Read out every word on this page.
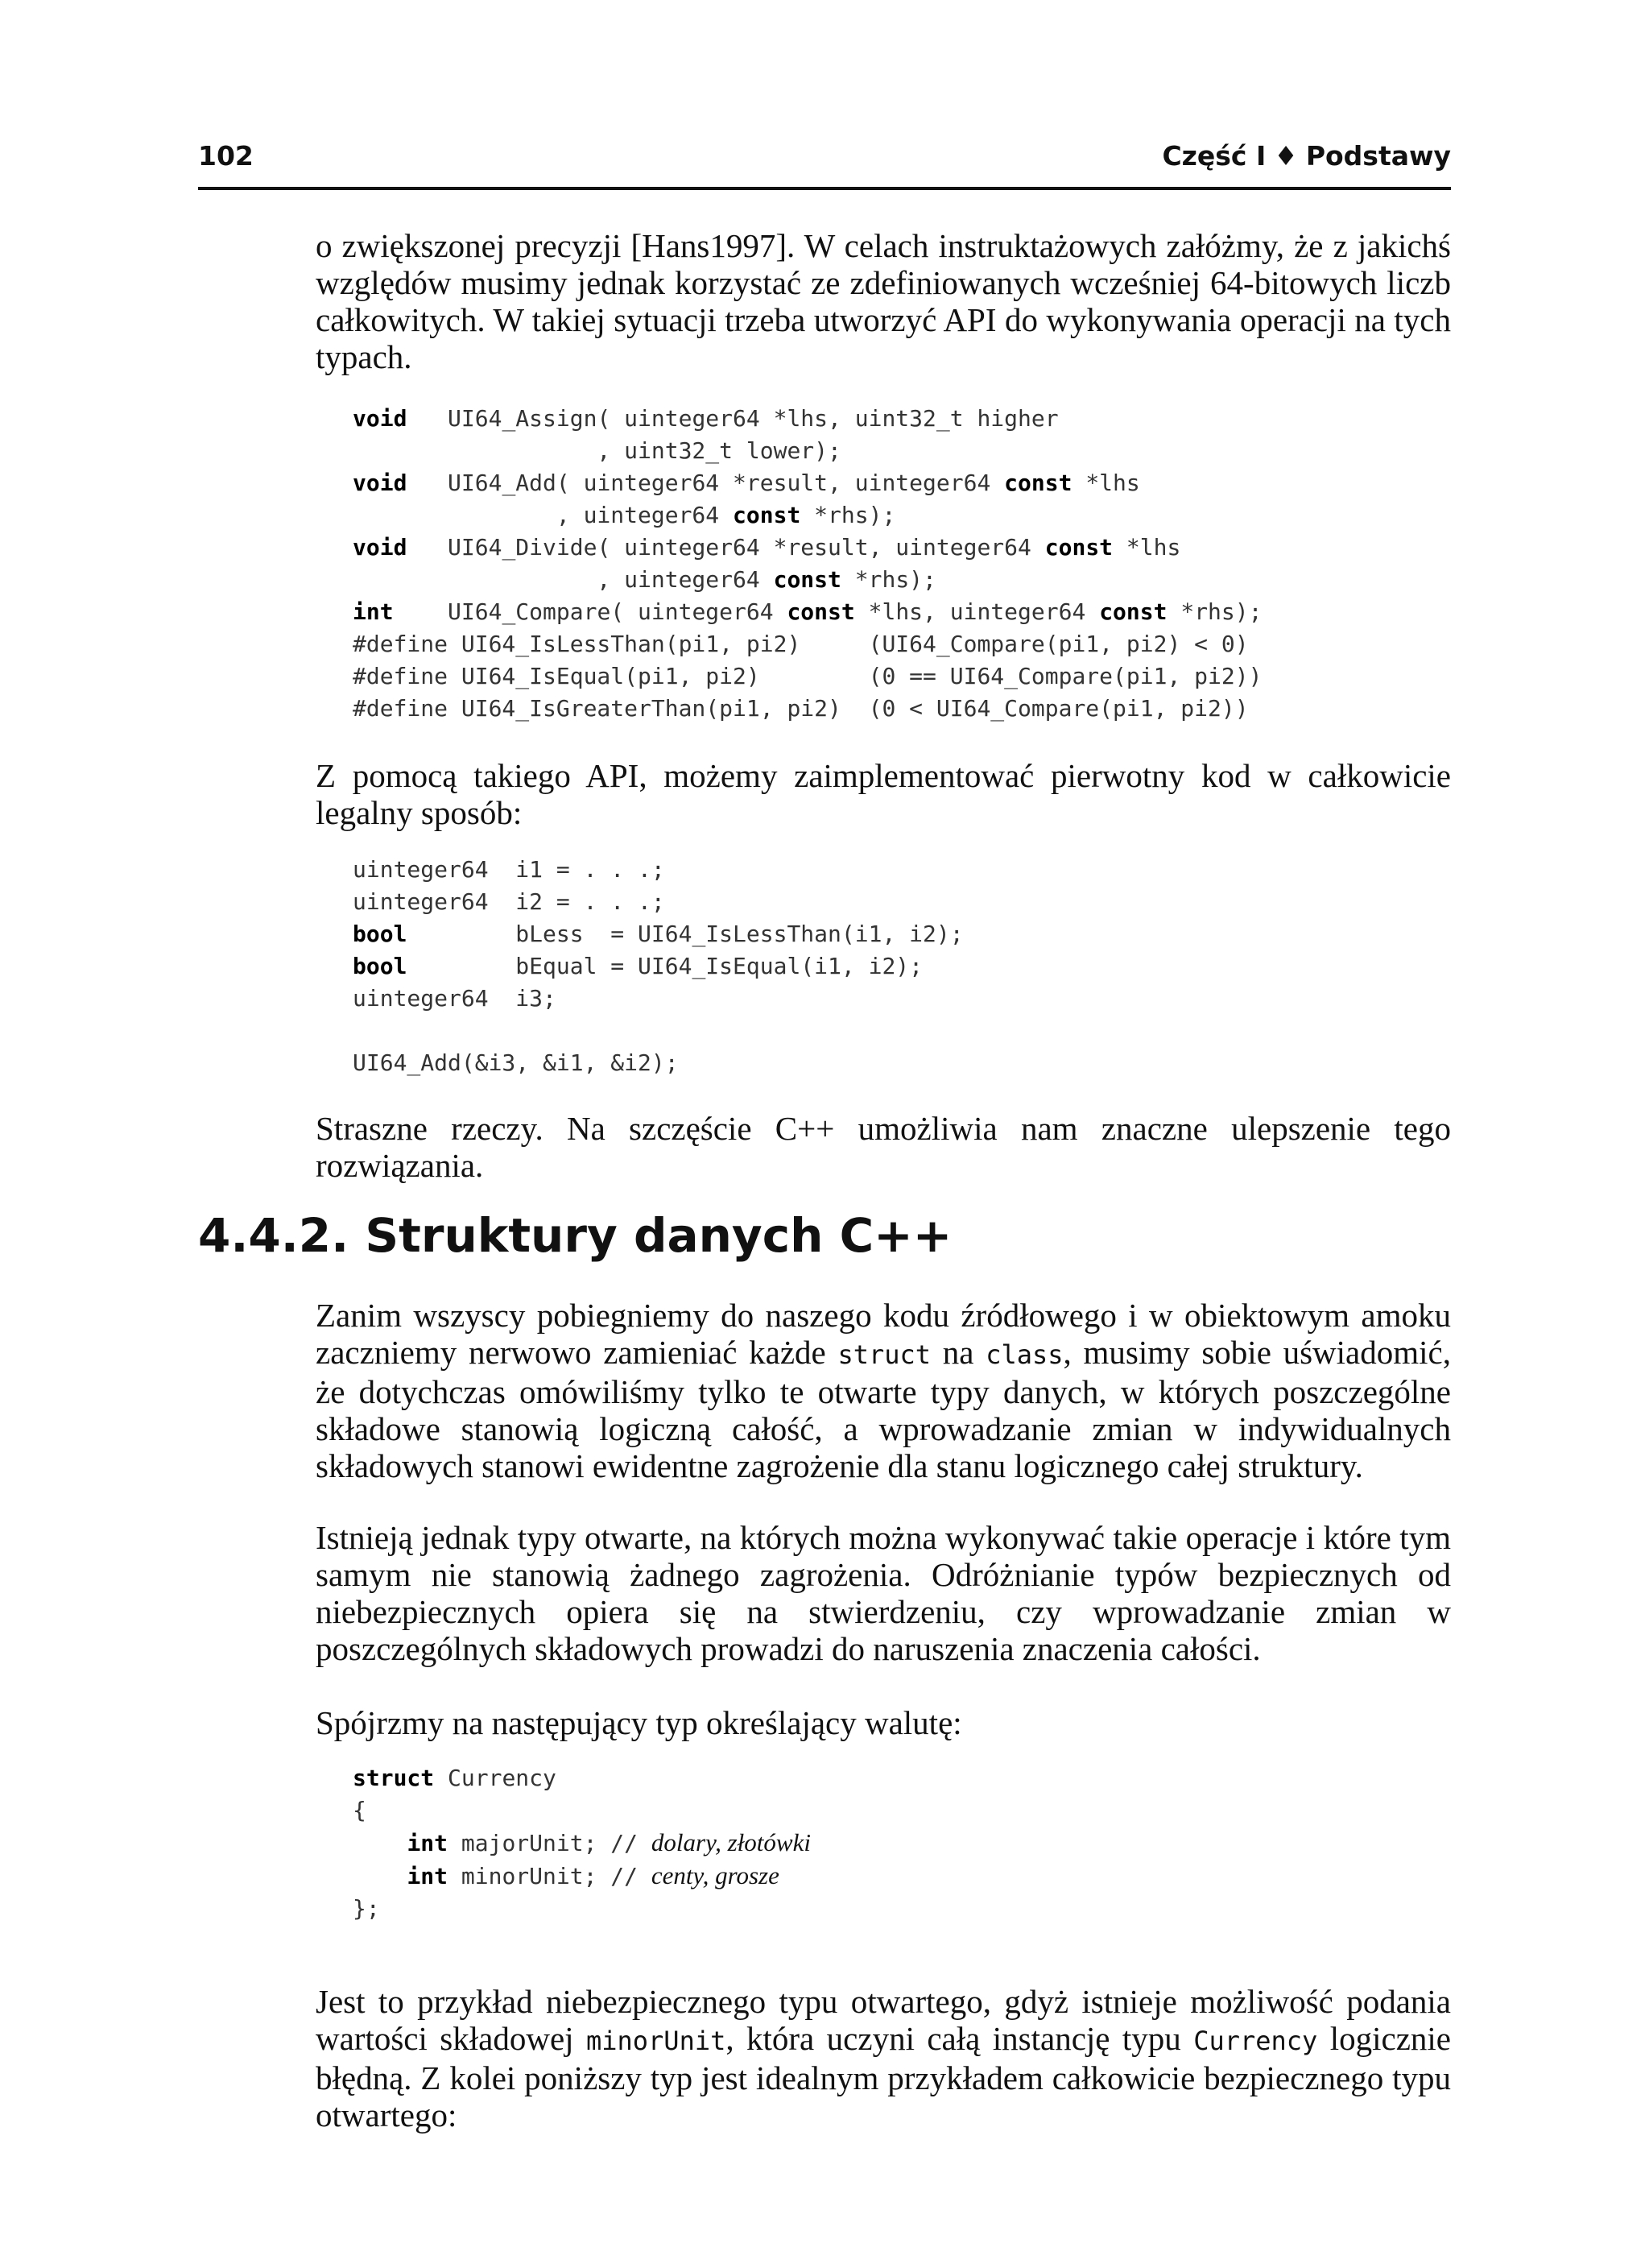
102	Część I ♦ Podstawy

o zwiększonej precyzji [Hans1997]. W celach instruktażowych załóżmy, że z jakichś względów musimy jednak korzystać ze zdefiniowanych wcześniej 64-bitowych liczb całkowitych. W takiej sytuacji trzeba utworzyć API do wykonywania operacji na tych typach.

void   UI64_Assign( uinteger64 *lhs, uint32_t higher
, uint32_t lower);
void   UI64_Add( uinteger64 *result, uinteger64 const *lhs
, uinteger64 const *rhs);
void   UI64_Divide( uinteger64 *result, uinteger64 const *lhs
, uinteger64 const *rhs);
int    UI64_Compare( uinteger64 const *lhs, uinteger64 const *rhs);
#define UI64_IsLessThan(pi1, pi2)     (UI64_Compare(pi1, pi2) < 0)
#define UI64_IsEqual(pi1, pi2)        (0 == UI64_Compare(pi1, pi2))
#define UI64_IsGreaterThan(pi1, pi2)  (0 < UI64_Compare(pi1, pi2))

Z pomocą takiego API, możemy zaimplementować pierwotny kod w całkowicie legalny sposób:

uinteger64  i1 = . . .;
uinteger64  i2 = . . .;
bool        bLess  = UI64_IsLessThan(i1, i2);
bool        bEqual = UI64_IsEqual(i1, i2);
uinteger64  i3;

UI64_Add(&i3, &i1, &i2);

Straszne rzeczy. Na szczęście C++ umożliwia nam znaczne ulepszenie tego rozwiązania.

4.4.2. Struktury danych C++

Zanim wszyscy pobiegniemy do naszego kodu źródłowego i w obiektowym amoku zaczniemy nerwowo zamieniać każde struct na class, musimy sobie uświadomić, że dotychczas omówiliśmy tylko te otwarte typy danych, w których poszczególne składowe stanowią logiczną całość, a wprowadzanie zmian w indywidualnych składowych stanowi ewidentne zagrożenie dla stanu logicznego całej struktury.

Istnieją jednak typy otwarte, na których można wykonywać takie operacje i które tym samym nie stanowią żadnego zagrożenia. Odróżnianie typów bezpiecznych od niebezpiecznych opiera się na stwierdzeniu, czy wprowadzanie zmian w poszczególnych składowych prowadzi do naruszenia znaczenia całości.

Spójrzmy na następujący typ określający walutę:

struct Currency
{
int majorUnit; // dolary, złotówki
int minorUnit; // centy, grosze
};

Jest to przykład niebezpiecznego typu otwartego, gdyż istnieje możliwość podania wartości składowej minorUnit, która uczyni całą instancję typu Currency logicznie błędną. Z kolei poniższy typ jest idealnym przykładem całkowicie bezpiecznego typu otwartego:
